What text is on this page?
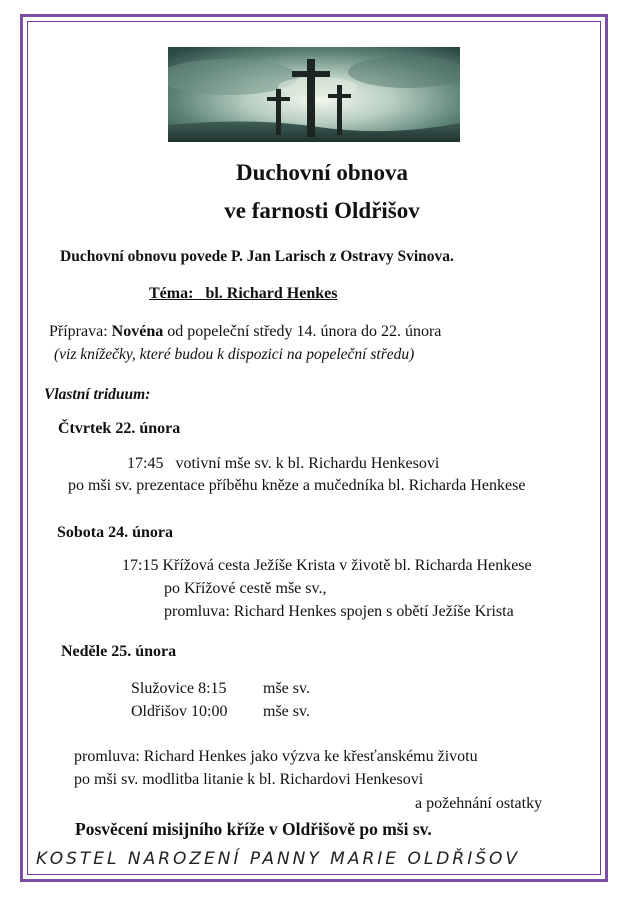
Duchovní obnova
ve farnosti Oldřišov
Duchovní obnovu povede P. Jan Larisch z Ostravy Svinova.
Téma: bl. Richard Henkes
Příprava: Novéna od popeleční středy 14. února do 22. února
(viz knížečky, které budou k dispozici na popeleční středu)
Vlastní triduum:
Čtvrtek 22. února
17:45   votivní mše sv. k bl. Richardu Henkesovi
po mši sv. prezentace příběhu kněze a mučedníka bl. Richarda Henkese
Sobota 24. února
17:15 Křížová cesta Ježíše Krista v životě bl. Richarda Henkese
po Křížové cestě mše sv.,
promluva: Richard Henkes spojen s obětí Ježíše Krista
Neděle 25. února
Služovice 8:15 mše sv.
Oldřišov 10:00 mše sv.
promluva: Richard Henkes jako výzva ke křesťanskému životu
po mši sv. modlitba litanie k bl. Richardovi Henkesovi
a požehnání ostatky
Posvěcení misijního kříže v Oldřišově po mši sv.
KOSTEL NAROZENÍ PANNY MARIE OLDŘIŠOV
